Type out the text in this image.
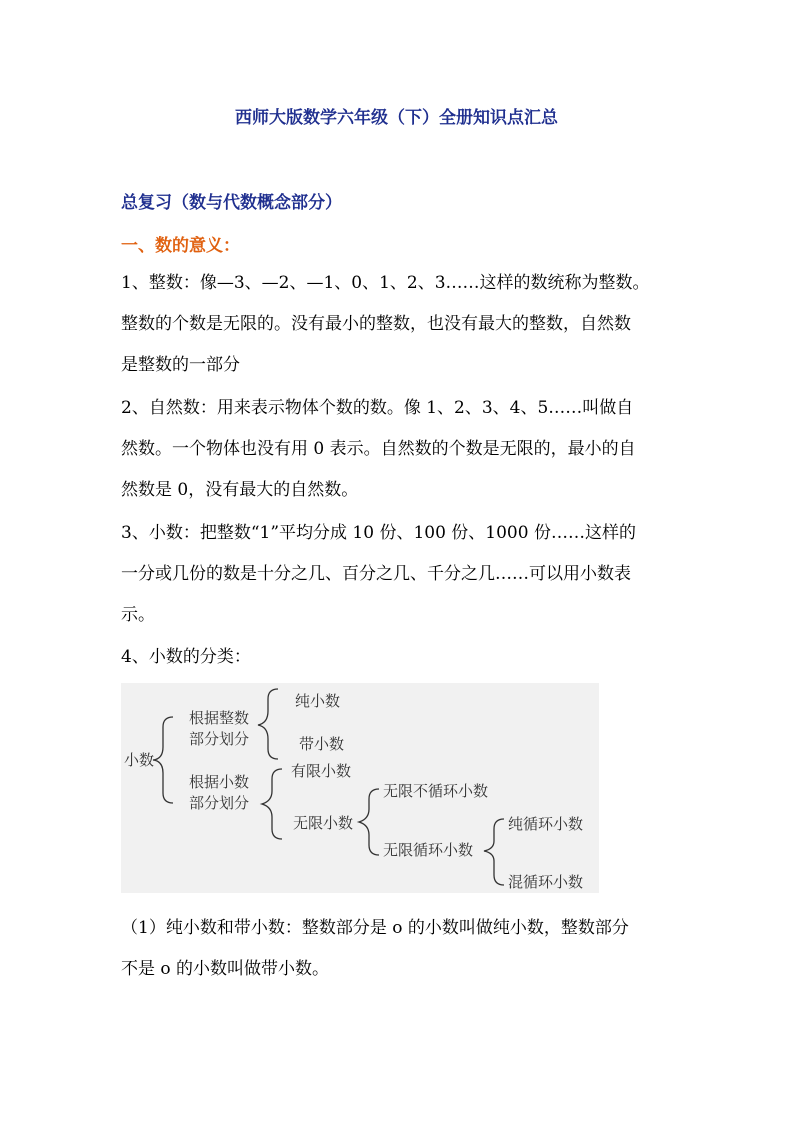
西师大版数学六年级（下）全册知识点汇总
总复习（数与代数概念部分）
一、数的意义：

1、整数：像—3、—2、—1、0、1、2、3……这样的数统称为整数。
整数的个数是无限的。没有最小的整数，也没有最大的整数，自然数
是整数的一部分

2、自然数：用来表示物体个数的数。像 1、2、3、4、5……叫做自
然数。一个物体也没有用 0 表示。自然数的个数是无限的，最小的自
然数是 0，没有最大的自然数。

3、小数：把整数“1”平均分成 10 份、100 份、1000 份……这样的
一分或几份的数是十分之几、百分之几、千分之几……可以用小数表
示。

4、小数的分类：

小数
根据整数
部分划分
纯小数
带小数
根据小数
部分划分
有限小数
无限小数
无限不循环小数
无限循环小数
纯循环小数
混循环小数

（1）纯小数和带小数：整数部分是 o 的小数叫做纯小数，整数部分
不是 o 的小数叫做带小数。
